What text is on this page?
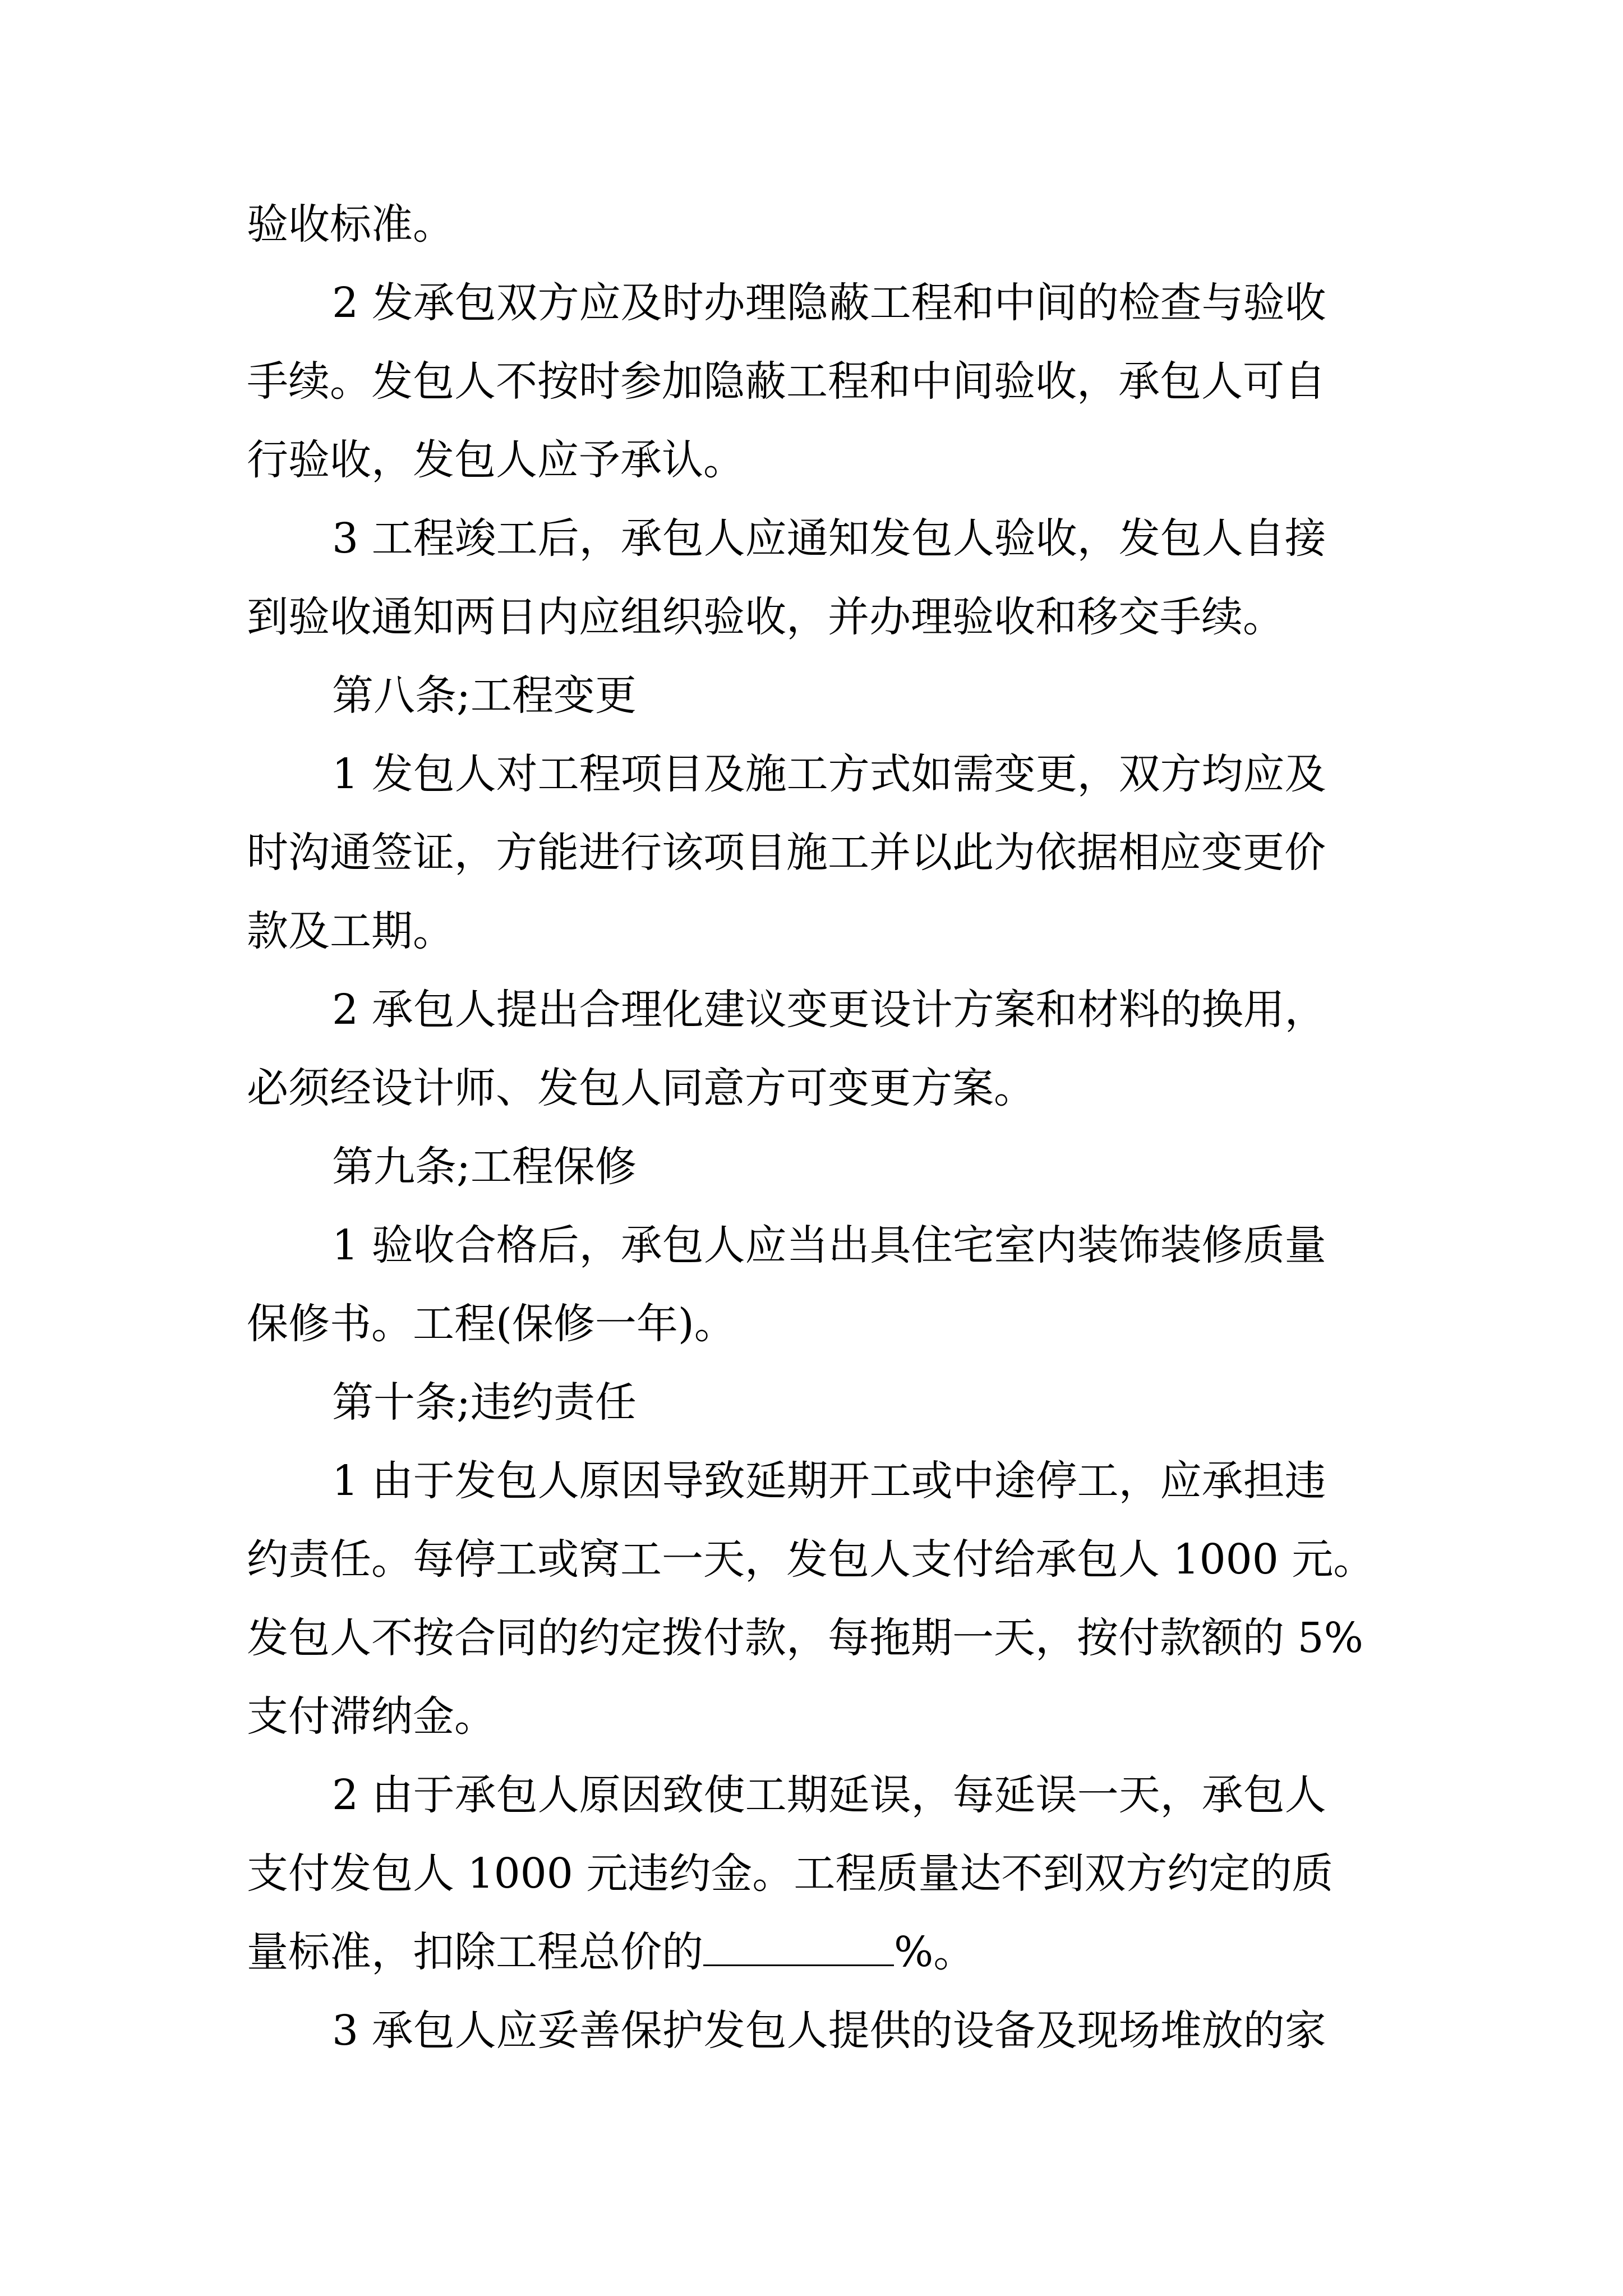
验收标准。
2 发承包双方应及时办理隐蔽工程和中间的检查与验收
手续。发包人不按时参加隐蔽工程和中间验收，承包人可自
行验收，发包人应予承认。
3 工程竣工后，承包人应通知发包人验收，发包人自接
到验收通知两日内应组织验收，并办理验收和移交手续。
第八条;工程变更
1 发包人对工程项目及施工方式如需变更，双方均应及
时沟通签证，方能进行该项目施工并以此为依据相应变更价
款及工期。
2 承包人提出合理化建议变更设计方案和材料的换用，
必须经设计师、发包人同意方可变更方案。
第九条;工程保修
1 验收合格后，承包人应当出具住宅室内装饰装修质量
保修书。工程(保修一年)。
第十条;违约责任
1 由于发包人原因导致延期开工或中途停工，应承担违
约责任。每停工或窝工一天，发包人支付给承包人 1000 元。
发包人不按合同的约定拨付款，每拖期一天，按付款额的 5%
支付滞纳金。
2 由于承包人原因致使工期延误，每延误一天，承包人
支付发包人 1000 元违约金。工程质量达不到双方约定的质
量标准，扣除工程总价的	%。
3 承包人应妥善保护发包人提供的设备及现场堆放的家
